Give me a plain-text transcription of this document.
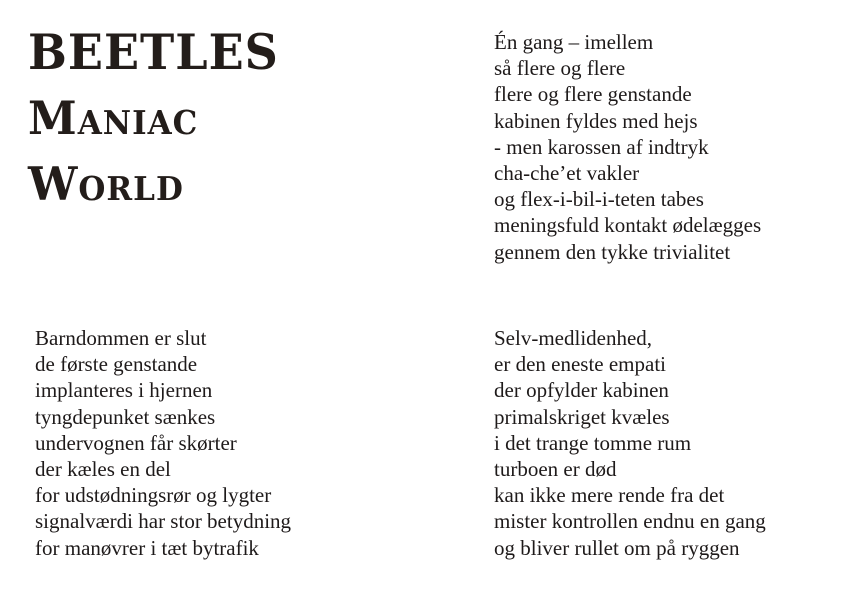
BEETLES
Maniac
World
Én gang – imellem
så flere og flere
flere og flere genstande
kabinen fyldes med hejs
- men karossen af indtryk
cha-che’et vakler
og flex-i-bil-i-teten tabes
meningsfuld kontakt ødelægges
gennem den tykke trivialitet
Barndommen er slut
de første genstande
implanteres i hjernen
tyngdepunket sænkes
undervognen får skørter
der kæles en del
for udstødningsrør og lygter
signalværdi har stor betydning
for manøvrer i tæt bytrafik
Selv-medlidenhed,
er den eneste empati
der opfylder kabinen
primalskriget kvæles
i det trange tomme rum
turboen er død
kan ikke mere rende fra det
mister kontrollen endnu en gang
og bliver rullet om på ryggen
